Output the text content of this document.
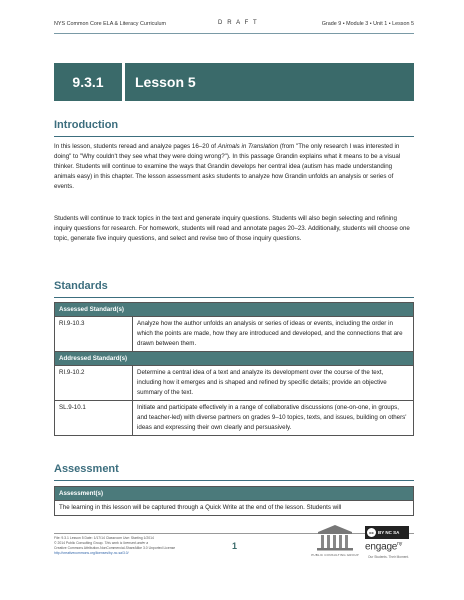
NYS Common Core ELA & Literacy Curriculum	D R A F T	Grade 9 • Module 3 • Unit 1 • Lesson 5
9.3.1	Lesson 5
Introduction
In this lesson, students reread and analyze pages 16–20 of Animals in Translation (from "The only research I was interested in doing" to "Why couldn't they see what they were doing wrong?"). In this passage Grandin explains what it means to be a visual thinker. Students will continue to examine the ways that Grandin develops her central idea (autism has made understanding animals easy) in this chapter. The lesson assessment asks students to analyze how Grandin unfolds an analysis or series of events.
Students will continue to track topics in the text and generate inquiry questions. Students will also begin selecting and refining inquiry questions for research. For homework, students will read and annotate pages 20–23. Additionally, students will choose one topic, generate five inquiry questions, and select and revise two of those inquiry questions.
Standards
Assessed Standard(s)	
RI.9-10.3	Analyze how the author unfolds an analysis or series of ideas or events, including the order in which the points are made, how they are introduced and developed, and the connections that are drawn between them.
Addressed Standard(s)	
RI.9-10.2	Determine a central idea of a text and analyze its development over the course of the text, including how it emerges and is shaped and refined by specific details; provide an objective summary of the text.
SL.9-10.1	Initiate and participate effectively in a range of collaborative discussions (one-on-one, in groups, and teacher-led) with diverse partners on grades 9–10 topics, texts, and issues, building on others' ideas and expressing their own clearly and persuasively.
Assessment
Assessment(s)
The learning in this lesson will be captured through a Quick Write at the end of the lesson. Students will
File: 9.3.1 Lesson 5 Date: 1/17/14 Classroom Use: Starting 1/2014
© 2014 Public Consulting Group. This work is licensed under a
Creative Commons Attribution-NonCommercial-ShareAlike 3.0 Unported License
http://creativecommons.org/licenses/by-nc-sa/3.0/
1
PUBLIC CONSULTING GROUP
cc BY NC SA
engage$^{ny}$
Our Students. Their Moment.
